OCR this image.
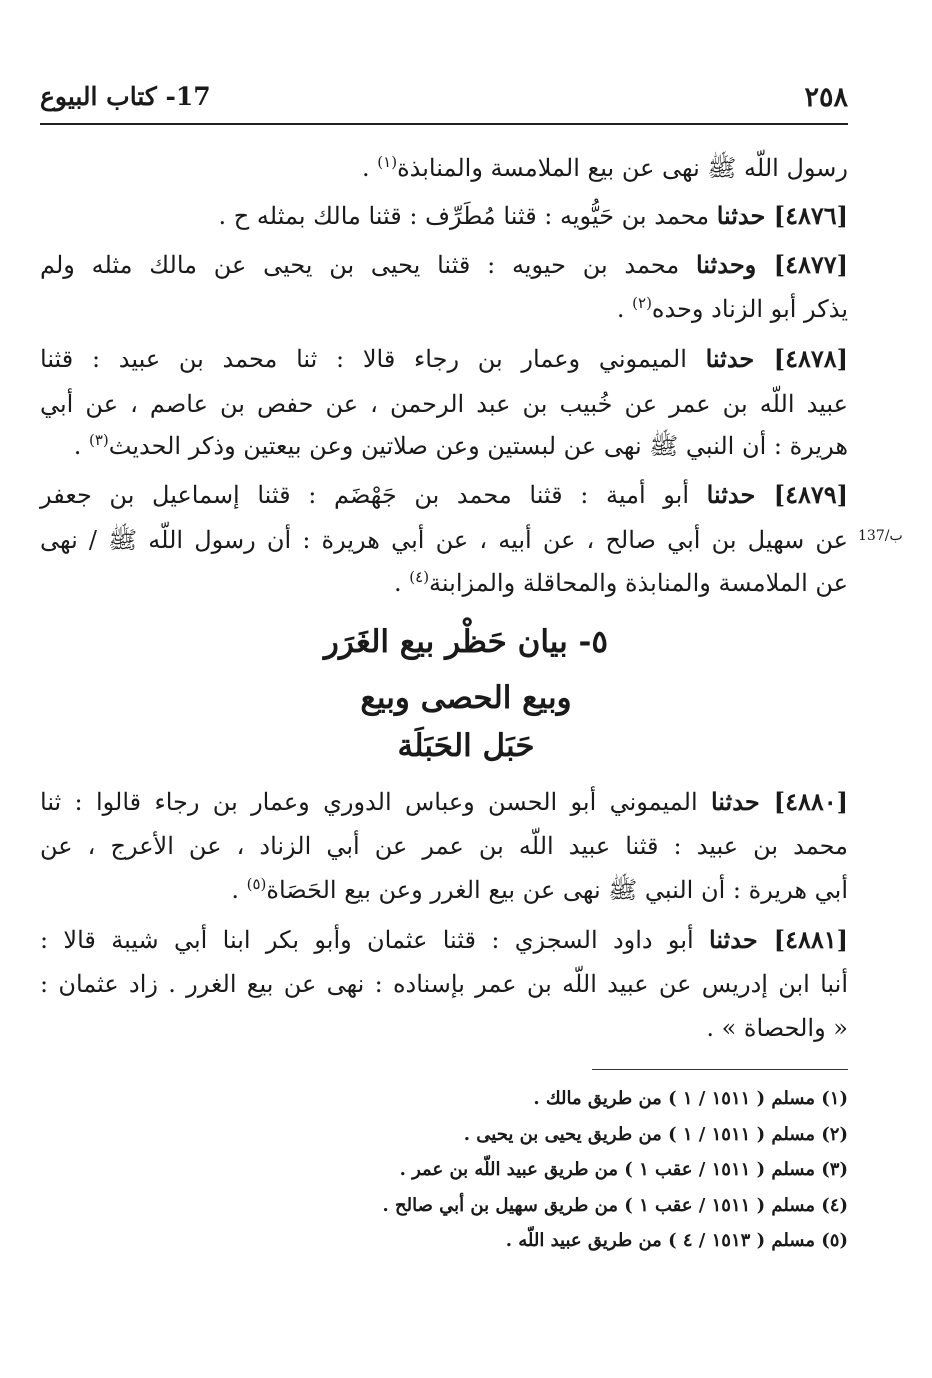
٢٥٨
17- كتاب البيوع
رسول اللّه ﷺ نهى عن بيع الملامسة والمنابذة$^{(١)}$ .
[٤٨٧٦] حدثنا محمد بن حَيُّويه : قثنا مُطَرِّف : قثنا مالك بمثله ح .
[٤٨٧٧] وحدثنا محمد بن حيويه : قثنا يحيى بن يحيى عن مالك مثله ولم
يذكر أبو الزناد وحده$^{(٢)}$ .
[٤٨٧٨] حدثنا الميموني وعمار بن رجاء قالا : ثنا محمد بن عبيد : قثنا
عبيد اللّه بن عمر عن خُبيب بن عبد الرحمن ، عن حفص بن عاصم ، عن أبي
هريرة : أن النبي ﷺ نهى عن لبستين وعن صلاتين وعن بيعتين وذكر الحديث$^{(٣)}$ .
[٤٨٧٩] حدثنا أبو أمية : قثنا محمد بن جَهْضَم : قثنا إسماعيل بن جعفر
عن سهيل بن أبي صالح ، عن أبيه ، عن أبي هريرة : أن رسول اللّه ﷺ / نهى 137/ب
عن الملامسة والمنابذة والمحاقلة والمزابنة$^{(٤)}$ .
٥- بيان حَظْر بيع الغَرَر
وبيع الحصى وبيع
حَبَل الحَبَلَة
[٤٨٨٠] حدثنا الميموني أبو الحسن وعباس الدوري وعمار بن رجاء قالوا : ثنا
محمد بن عبيد : قثنا عبيد اللّه بن عمر عن أبي الزناد ، عن الأعرج ، عن
أبي هريرة : أن النبي ﷺ نهى عن بيع الغرر وعن بيع الحَصَاة$^{(٥)}$ .
[٤٨٨١] حدثنا أبو داود السجزي : قثنا عثمان وأبو بكر ابنا أبي شيبة قالا :
أنبا ابن إدريس عن عبيد اللّه بن عمر بإسناده : نهى عن بيع الغرر . زاد عثمان :
« والحصاة » .
(١) مسلم ( ١٥١١ / ١ ) من طريق مالك .
(٢) مسلم ( ١٥١١ / ١ ) من طريق يحيى بن يحيى .
(٣) مسلم ( ١٥١١ / عقب ١ ) من طريق عبيد اللّه بن عمر .
(٤) مسلم ( ١٥١١ / عقب ١ ) من طريق سهيل بن أبي صالح .
(٥) مسلم ( ١٥١٣ / ٤ ) من طريق عبيد اللّه .
